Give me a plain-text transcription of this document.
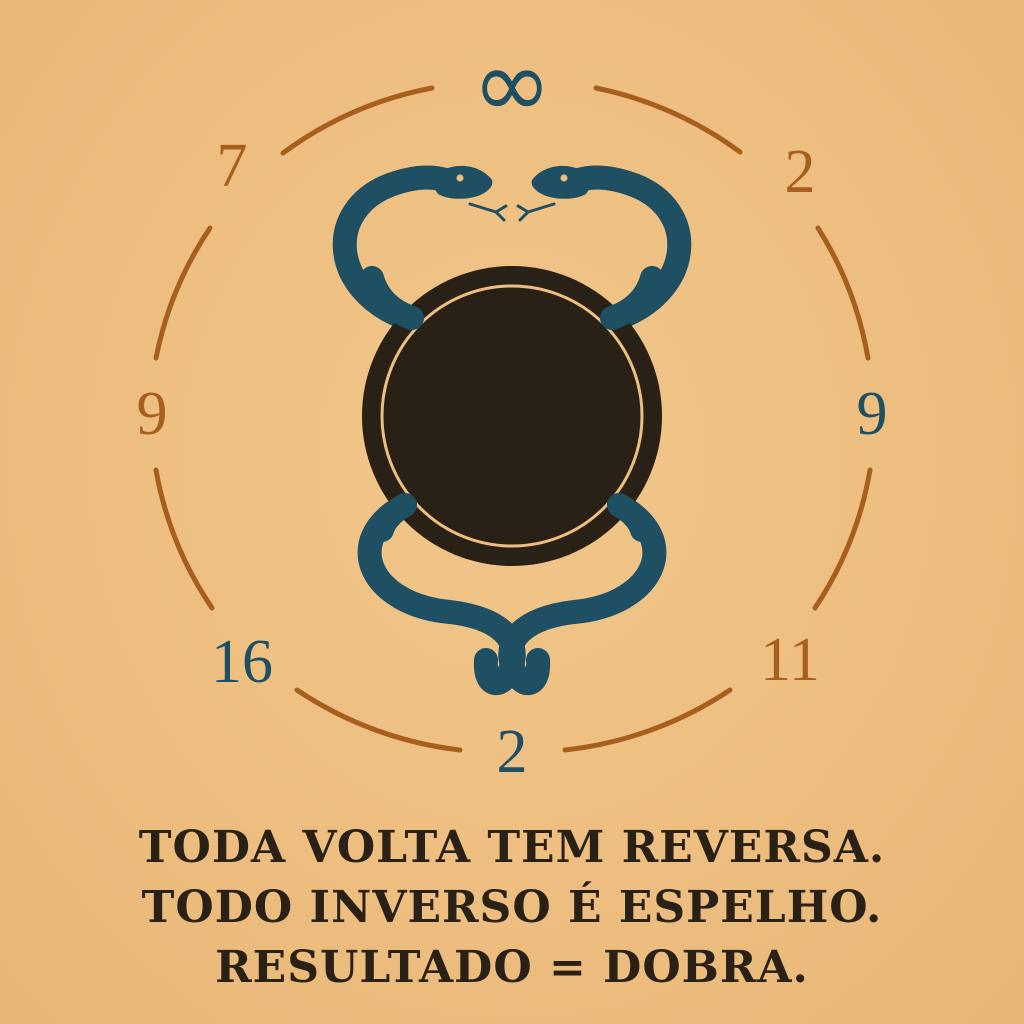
∞
2
9
11
2
16
9
7
TODA VOLTA TEM REVERSA.
TODO INVERSO É ESPELHO.
RESULTADO = DOBRA.
